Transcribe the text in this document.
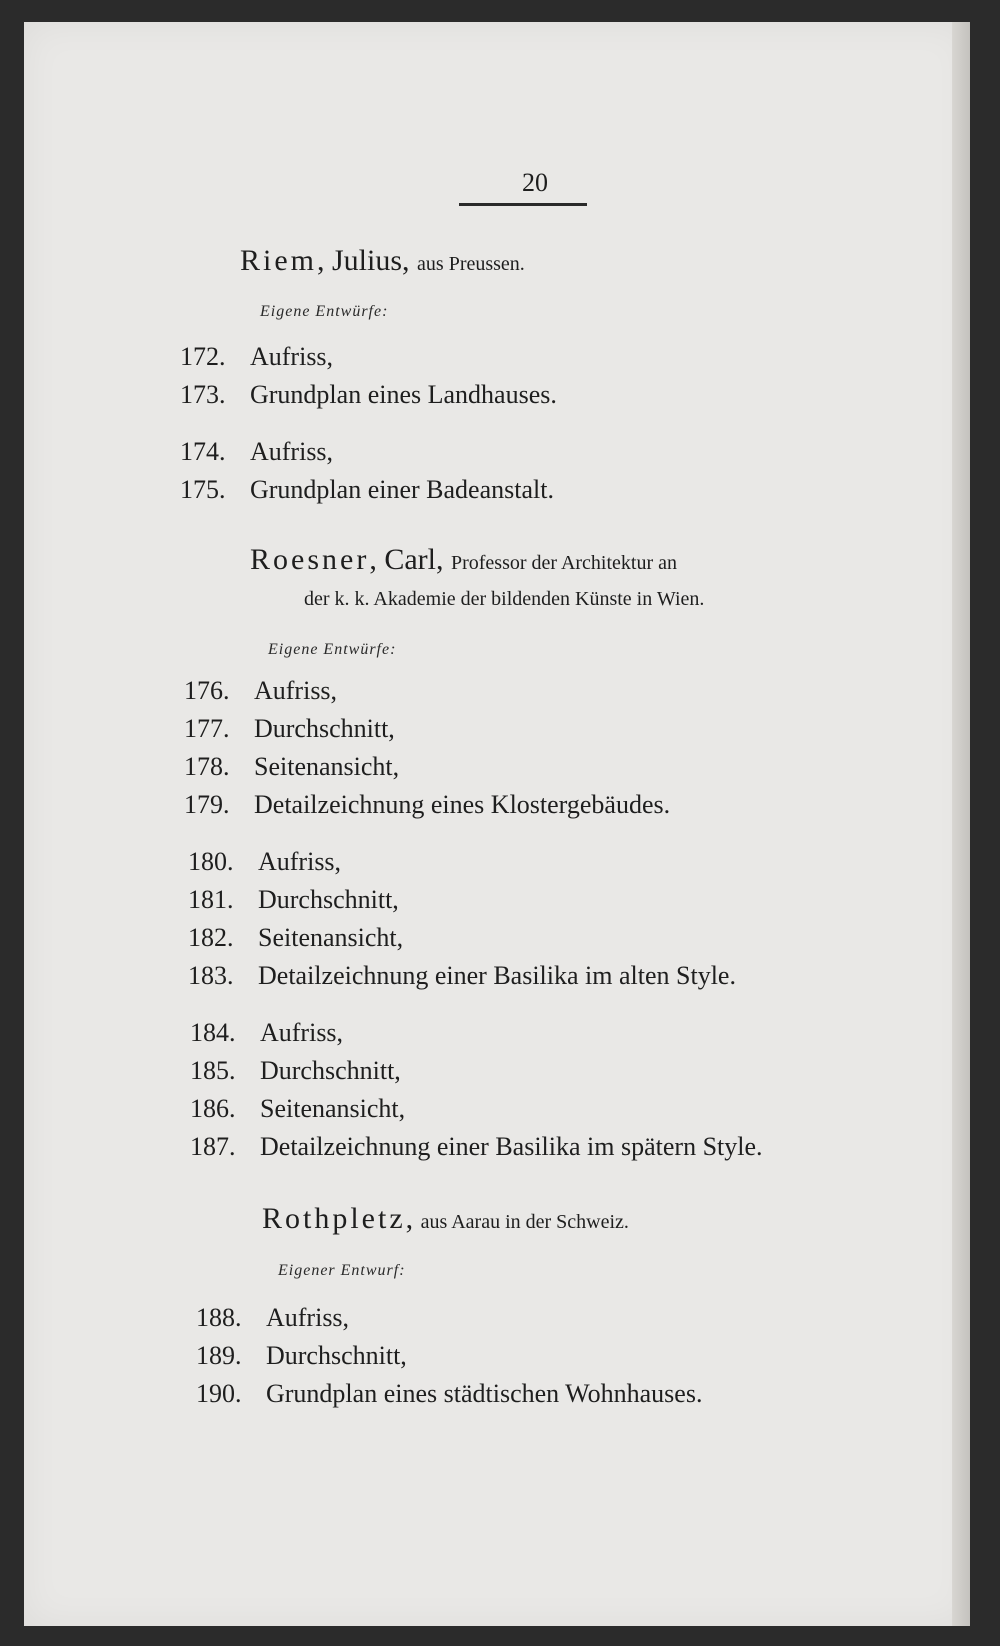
20
Riem, Julius, aus Preussen.
Eigene Entwürfe:
172. Aufriss,
173. Grundplan eines Landhauses.
174. Aufriss,
175. Grundplan einer Badeanstalt.
Roesner, Carl, Professor der Architektur an
der k. k. Akademie der bildenden Künste in Wien.
Eigene Entwürfe:
176. Aufriss,
177. Durchschnitt,
178. Seitenansicht,
179. Detailzeichnung eines Klostergebäudes.
180. Aufriss,
181. Durchschnitt,
182. Seitenansicht,
183. Detailzeichnung einer Basilika im alten Style.
184. Aufriss,
185. Durchschnitt,
186. Seitenansicht,
187. Detailzeichnung einer Basilika im spätern Style.
Rothpletz, aus Aarau in der Schweiz.
Eigener Entwurf:
188. Aufriss,
189. Durchschnitt,
190. Grundplan eines städtischen Wohnhauses.
